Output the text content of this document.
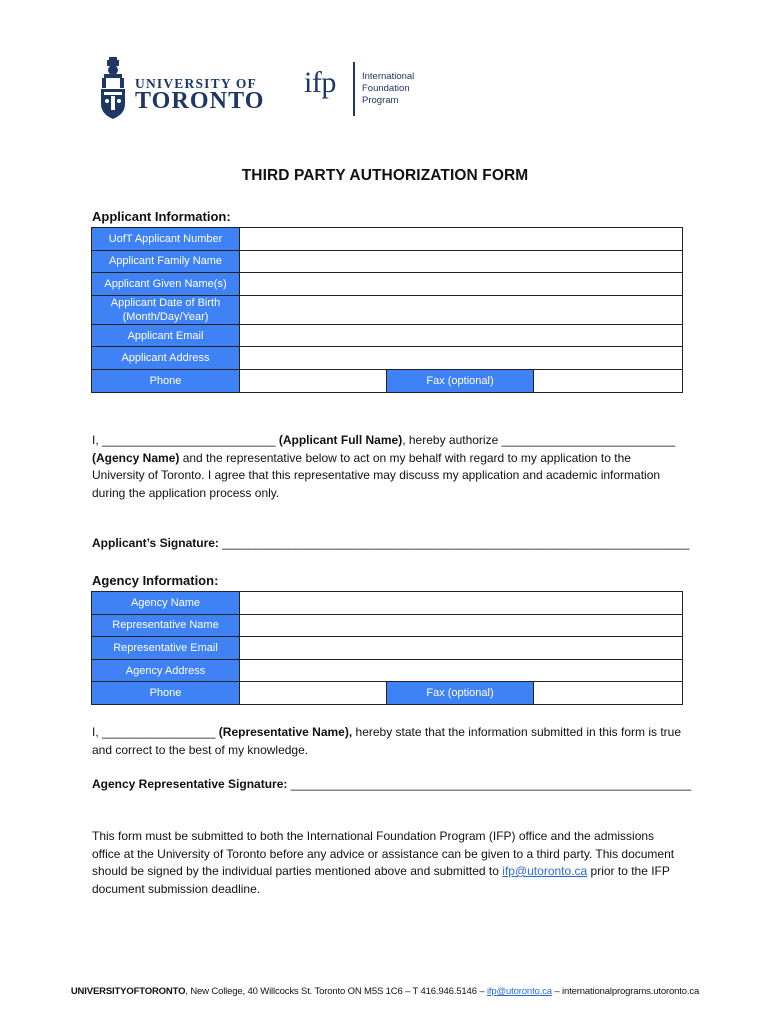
UNIVERSITY OF
TORONTO
ifp	International
Foundation
Program
THIRD PARTY AUTHORIZATION FORM
Applicant Information:
UofT Applicant Number			
Applicant Family Name			
Applicant Given Name(s)			

Applicant Date of Birth
(Month/Day/Year)			

Applicant Email			
Applicant Address			
Phone		Fax (optional)	
I, __________________________ (Applicant Full Name), hereby authorize __________________________ (Agency Name) and the representative below to act on my behalf with regard to my application to the University of Toronto. I agree that this representative may discuss my application and academic information during the application process only.
Applicant’s Signature: ______________________________________________________________________
Agency Information:
Agency Name			
Representative Name			
Representative Email			
Agency Address			
Phone		Fax (optional)	
I, _________________ (Representative Name), hereby state that the information submitted in this form is true and correct to the best of my knowledge.
Agency Representative Signature: ____________________________________________________________
This form must be submitted to both the International Foundation Program (IFP) office and the admissions office at the University of Toronto before any advice or assistance can be given to a third party. This document should be signed by the individual parties mentioned above and submitted to ifp@utoronto.ca prior to the IFP document submission deadline.
UNIVERSITYOFTORONTO, New College, 40 Willcocks St. Toronto ON M5S 1C6 – T 416.946.5146 – ifp@utoronto.ca – internationalprograms.utoronto.ca
